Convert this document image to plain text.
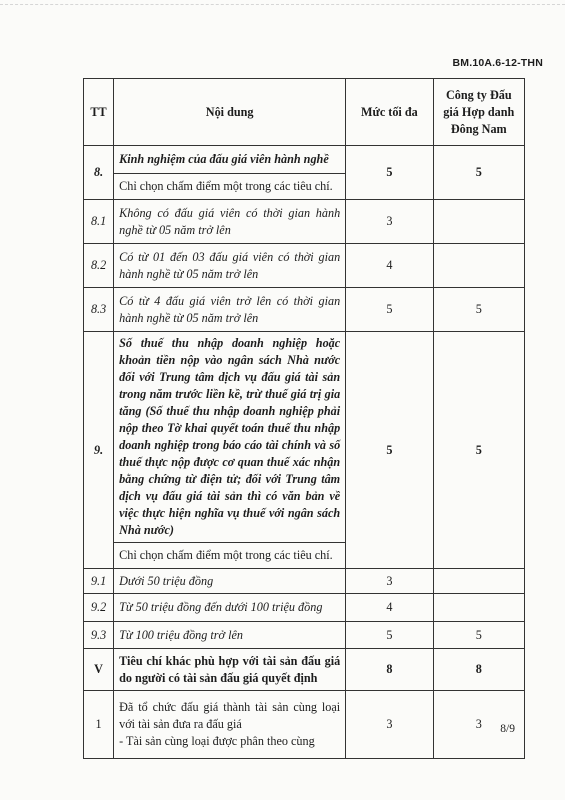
BM.10A.6-12-THN
TT	Nội dung	Mức tối đa	Công ty Đấu giá Hợp danh Đông Nam
8.	Kinh nghiệm của đấu giá viên hành nghề	5	5
	Chỉ chọn chấm điểm một trong các tiêu chí.		
8.1	Không có đấu giá viên có thời gian hành nghề từ 05 năm trở lên	3	
8.2	Có từ 01 đến 03 đấu giá viên có thời gian hành nghề từ 05 năm trở lên	4	
8.3	Có từ 4 đấu giá viên trở lên có thời gian hành nghề từ 05 năm trở lên	5	5
9.	Số thuế thu nhập doanh nghiệp hoặc khoản tiền nộp vào ngân sách Nhà nước đối với Trung tâm dịch vụ đấu giá tài sản trong năm trước liền kề, trừ thuế giá trị gia tăng (Số thuế thu nhập doanh nghiệp phải nộp theo Tờ khai quyết toán thuế thu nhập doanh nghiệp trong báo cáo tài chính và số thuế thực nộp được cơ quan thuế xác nhận bằng chứng từ điện tử; đối với Trung tâm dịch vụ đấu giá tài sản thì có văn bản về việc thực hiện nghĩa vụ thuế với ngân sách Nhà nước)	5	5
	Chỉ chọn chấm điểm một trong các tiêu chí.		
9.1	Dưới 50 triệu đồng	3	
9.2	Từ 50 triệu đồng đến dưới 100 triệu đồng	4	
9.3	Từ 100 triệu đồng trở lên	5	5
V	Tiêu chí khác phù hợp với tài sản đấu giá do người có tài sản đấu giá quyết định	8	8
1	Đã tổ chức đấu giá thành tài sản cùng loại với tài sản đưa ra đấu giá
- Tài sản cùng loại được phân theo cùng	3	3 8/9
